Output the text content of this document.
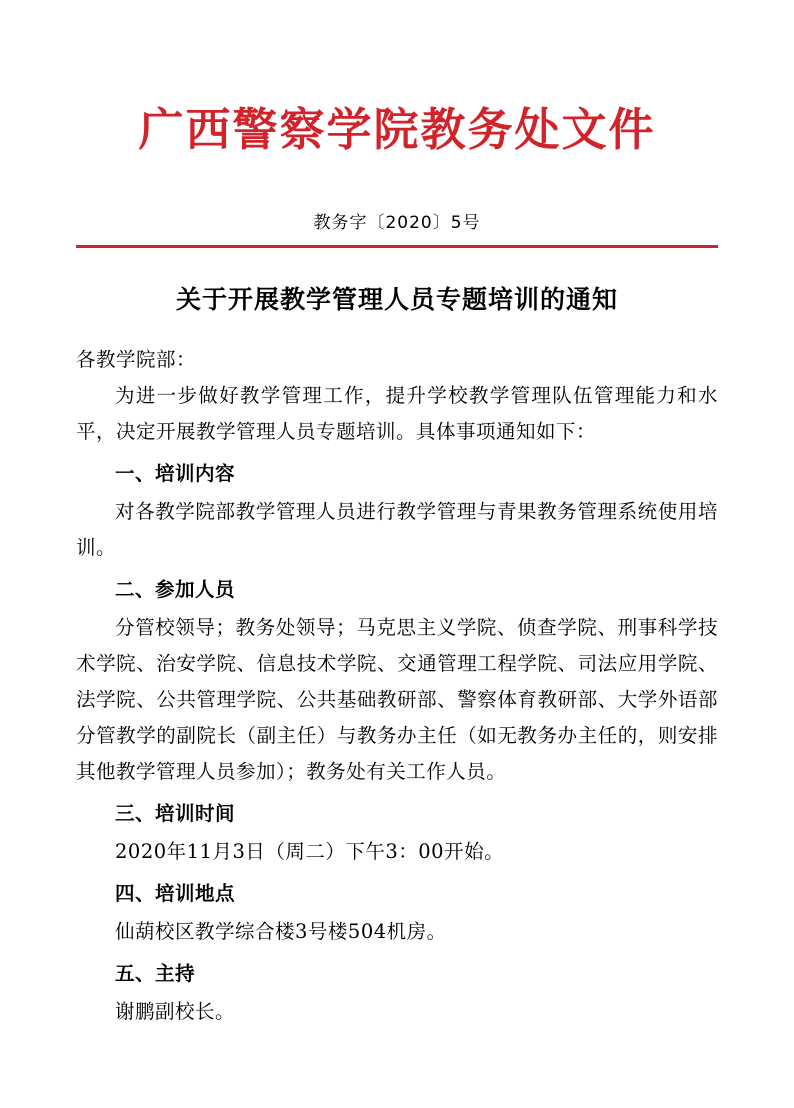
广西警察学院教务处文件
教务字〔2020〕5号
关于开展教学管理人员专题培训的通知

各教学院部：

为进一步做好教学管理工作，提升学校教学管理队伍管理能力和水平，决定开展教学管理人员专题培训。具体事项通知如下：

一、培训内容

对各教学院部教学管理人员进行教学管理与青果教务管理系统使用培训。

二、参加人员

分管校领导；教务处领导；马克思主义学院、侦查学院、刑事科学技术学院、治安学院、信息技术学院、交通管理工程学院、司法应用学院、法学院、公共管理学院、公共基础教研部、警察体育教研部、大学外语部分管教学的副院长（副主任）与教务办主任（如无教务办主任的，则安排其他教学管理人员参加）；教务处有关工作人员。

三、培训时间

2020年11月3日（周二）下午3：00开始。

四、培训地点

仙葫校区教学综合楼3号楼504机房。

五、主持

谢鹏副校长。
